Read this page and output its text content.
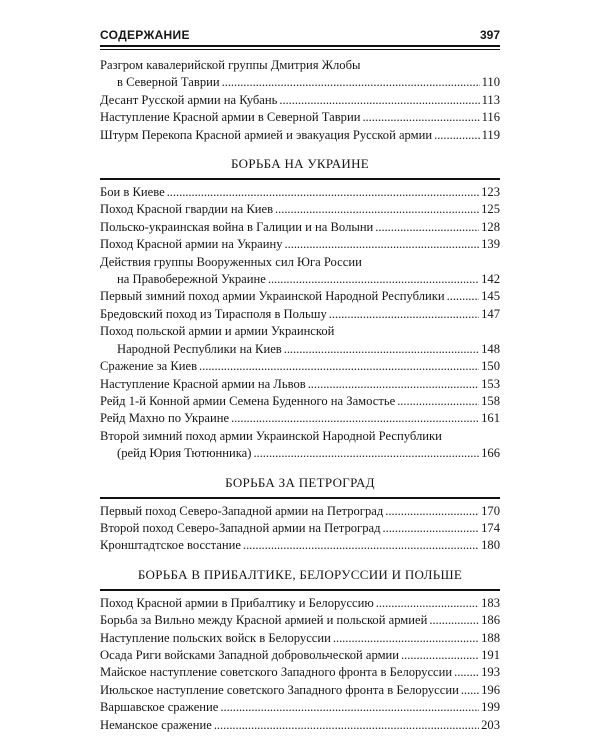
СОДЕРЖАНИЕ	397
Разгром кавалерийской группы Дмитрия Жлобы
в Северной Таврии . . .	110
Десант Русской армии на Кубань . . .	113
Наступление Красной армии в Северной Таврии . . .	116
Штурм Перекопа Красной армией и эвакуация Русской армии . . .	119
БОРЬБА НА УКРАИНЕ
Бои в Киеве . . .	123
Поход Красной гвардии на Киев . . .	125
Польско-украинская война в Галиции и на Волыни . . .	128
Поход Красной армии на Украину . . .	139
Действия группы Вооруженных сил Юга России
на Правобережной Украине . . .	142
Первый зимний поход армии Украинской Народной Республики . . .	145
Бредовский поход из Тирасполя в Польшу . . .	147
Поход польской армии и армии Украинской
Народной Республики на Киев . . .	148
Сражение за Киев . . .	150
Наступление Красной армии на Львов . . .	153
Рейд 1-й Конной армии Семена Буденного на Замостье . . .	158
Рейд Махно по Украине . . .	161
Второй зимний поход армии Украинской Народной Республики
(рейд Юрия Тютюнника) . . .	166
БОРЬБА ЗА ПЕТРОГРАД
Первый поход Северо-Западной армии на Петроград . . .	170
Второй поход Северо-Западной армии на Петроград . . .	174
Кронштадтское восстание . . .	180
БОРЬБА В ПРИБАЛТИКЕ, БЕЛОРУССИИ И ПОЛЬШЕ
Поход Красной армии в Прибалтику и Белоруссию . . .	183
Борьба за Вильно между Красной армией и польской армией . . .	186
Наступление польских войск в Белоруссии . . .	188
Осада Риги войсками Западной добровольческой армии . . .	191
Майское наступление советского Западного фронта в Белоруссии . . . 193
Июльское наступление советского Западного фронта в Белоруссии . . . 196
Варшавское сражение . . .	199
Неманское сражение . . .	203
